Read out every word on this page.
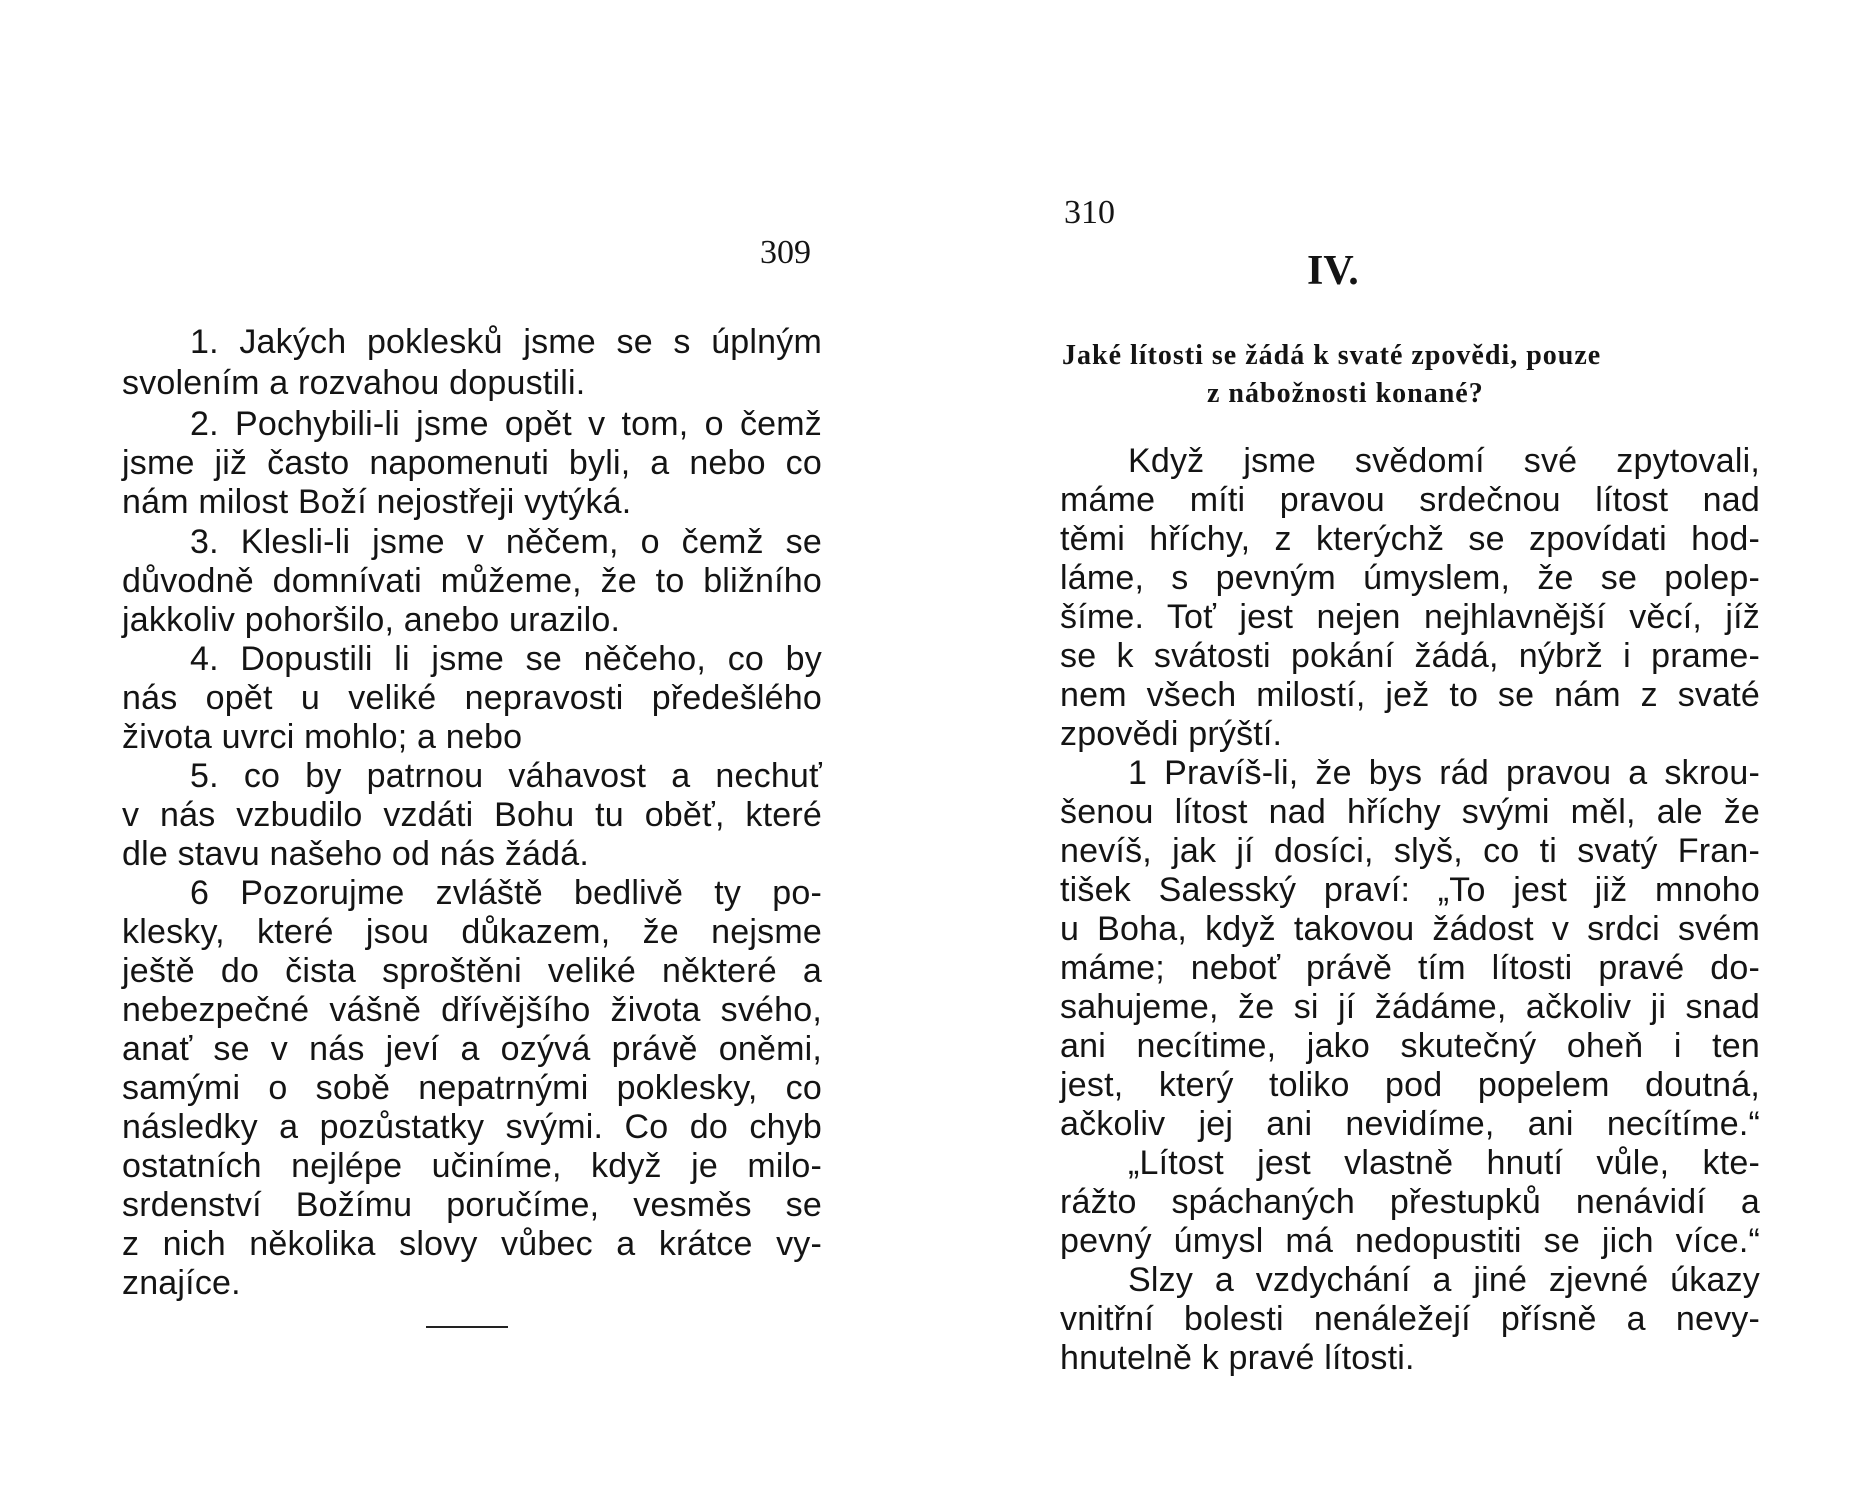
309

1. Jakých poklesků jsme se s úplným

svolením a rozvahou dopustili.

2. Pochybili-li jsme opět v tom, o čemž

jsme již často napomenuti byli, a nebo co

nám milost Boží nejostřeji vytýká.

3. Klesli-li jsme v něčem, o čemž se

důvodně domnívati můžeme, že to bližního

jakkoliv pohoršilo, anebo urazilo.

4. Dopustili li jsme se něčeho, co by

nás opět u veliké nepravosti předešlého

života uvrci mohlo; a nebo

5. co by patrnou váhavost a nechuť

v nás vzbudilo vzdáti Bohu tu oběť, které

dle stavu našeho od nás žádá.

6 Pozorujme zvláště bedlivě ty po-

klesky, které jsou důkazem, že nejsme

ještě do čista sproštěni veliké některé a

nebezpečné vášně dřívějšího života svého,

anať se v nás jeví a ozývá právě oněmi,

samými o sobě nepatrnými poklesky, co

následky a pozůstatky svými. Co do chyb

ostatních nejlépe učiníme, když je milo-

srdenství Božímu poručíme, vesměs se

z nich několika slovy vůbec a krátce vy-

znajíce.

310

IV.

Jaké lítosti se žádá k svaté zpovědi, pouze

z nábožnosti konané?

Když jsme svědomí své zpytovali,

máme míti pravou srdečnou lítost nad

těmi hříchy, z kterýchž se zpovídati hod-

láme, s pevným úmyslem, že se polep-

šíme. Toť jest nejen nejhlavnější věcí, jíž

se k svátosti pokání žádá, nýbrž i prame-

nem všech milostí, jež to se nám z svaté

zpovědi prýští.

1 Pravíš-li, že bys rád pravou a skrou-

šenou lítost nad hříchy svými měl, ale že

nevíš, jak jí dosíci, slyš, co ti svatý Fran-

tišek Salesský praví: „To jest již mnoho

u Boha, když takovou žádost v srdci svém

máme; neboť právě tím lítosti pravé do-

sahujeme, že si jí žádáme, ačkoliv ji snad

ani necítime, jako skutečný oheň i ten

jest, který toliko pod popelem doutná,

ačkoliv jej ani nevidíme, ani necítíme.“

„Lítost jest vlastně hnutí vůle, kte-

rážto spáchaných přestupků nenávidí a

pevný úmysl má nedopustiti se jich více.“

Slzy a vzdychání a jiné zjevné úkazy

vnitřní bolesti nenáležejí přísně a nevy-

hnutelně k pravé lítosti.
